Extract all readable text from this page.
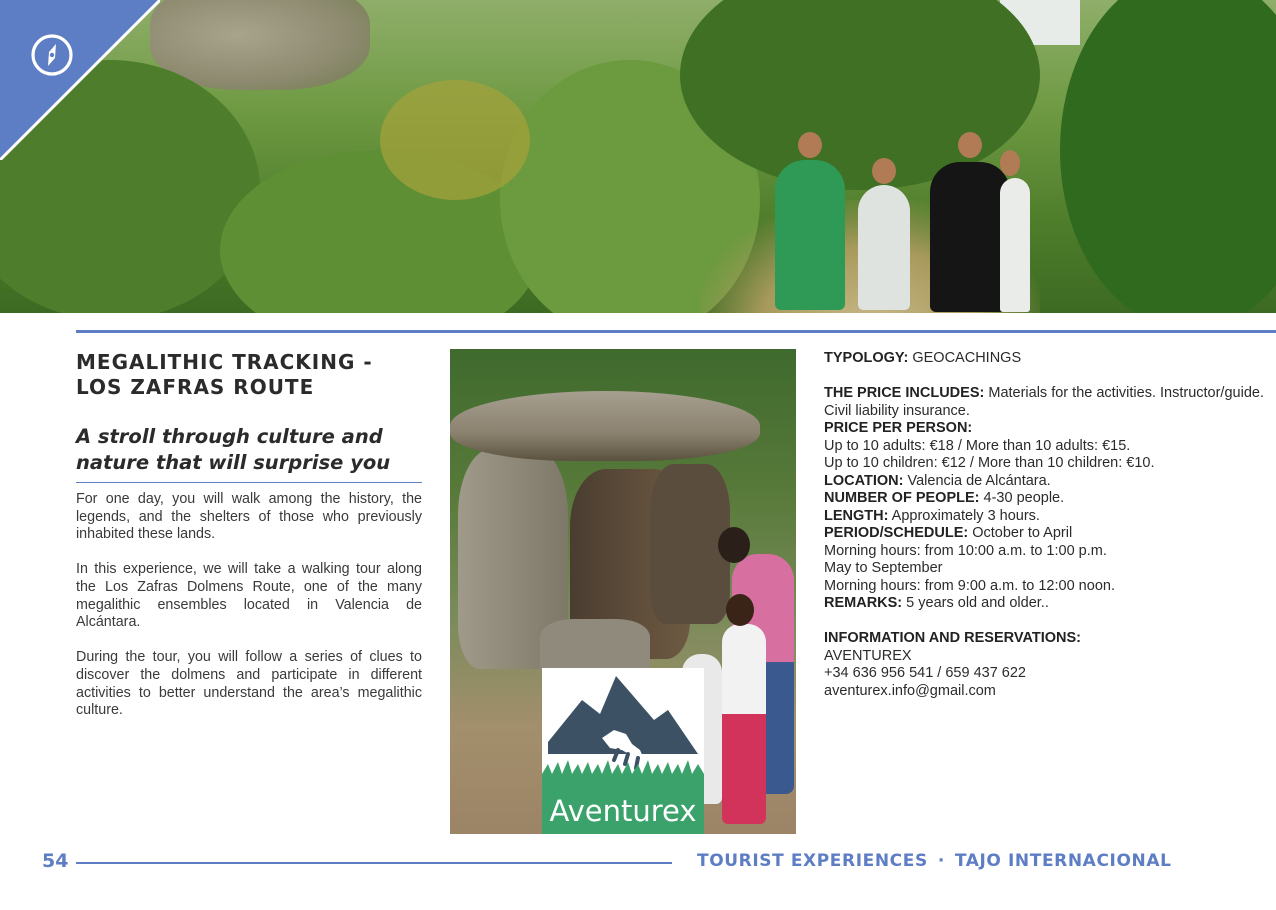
MEGALITHIC TRACKING - LOS ZAFRAS ROUTE
A stroll through culture and nature that will surprise you

For one day, you will walk among the history, the legends, and the shelters of those who previously inhabited these lands.

In this experience, we will take a walking tour along the Los Zafras Dolmens Route, one of the many megalithic ensembles located in Valencia de Alcántara.

During the tour, you will follow a series of clues to discover the dolmens and participate in different activities to better understand the area’s megalithic culture.

Aventurex

TYPOLOGY: GEOCACHINGS

THE PRICE INCLUDES: Materials for the activities. Instructor/guide. Civil liability insurance.

PRICE PER PERSON:

Up to 10 adults: €18 / More than 10 adults: €15.

Up to 10 children: €12 / More than 10 children: €10.

LOCATION: Valencia de Alcántara.

NUMBER OF PEOPLE: 4-30 people.

LENGTH: Approximately 3 hours.

PERIOD/SCHEDULE: October to April

Morning hours: from 10:00 a.m. to 1:00 p.m.

May to September

Morning hours: from 9:00 a.m. to 12:00 noon.

REMARKS: 5 years old and older..

INFORMATION AND RESERVATIONS:

AVENTUREX

+34 636 956 541 / 659 437 622

aventurex.info@gmail.com

54	TOURIST EXPERIENCES · TAJO INTERNACIONAL
